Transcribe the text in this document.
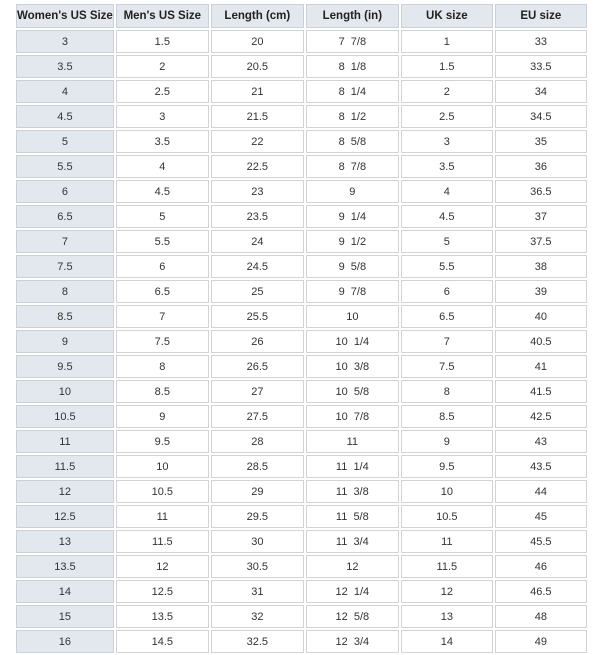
Women's US Size	Men's US Size	Length (cm)	Length (in)	UK size	EU size
3	1.5	20	7  7/8	1	33
3.5	2	20.5	8  1/8	1.5	33.5
4	2.5	21	8  1/4	2	34
4.5	3	21.5	8  1/2	2.5	34.5
5	3.5	22	8  5/8	3	35
5.5	4	22.5	8  7/8	3.5	36
6	4.5	23	9	4	36.5
6.5	5	23.5	9  1/4	4.5	37
7	5.5	24	9  1/2	5	37.5
7.5	6	24.5	9  5/8	5.5	38
8	6.5	25	9  7/8	6	39
8.5	7	25.5	10	6.5	40
9	7.5	26	10  1/4	7	40.5
9.5	8	26.5	10  3/8	7.5	41
10	8.5	27	10  5/8	8	41.5
10.5	9	27.5	10  7/8	8.5	42.5
11	9.5	28	11	9	43
11.5	10	28.5	11  1/4	9.5	43.5
12	10.5	29	11  3/8	10	44
12.5	11	29.5	11  5/8	10.5	45
13	11.5	30	11  3/4	11	45.5
13.5	12	30.5	12	11.5	46
14	12.5	31	12  1/4	12	46.5
15	13.5	32	12  5/8	13	48
16	14.5	32.5	12  3/4	14	49
